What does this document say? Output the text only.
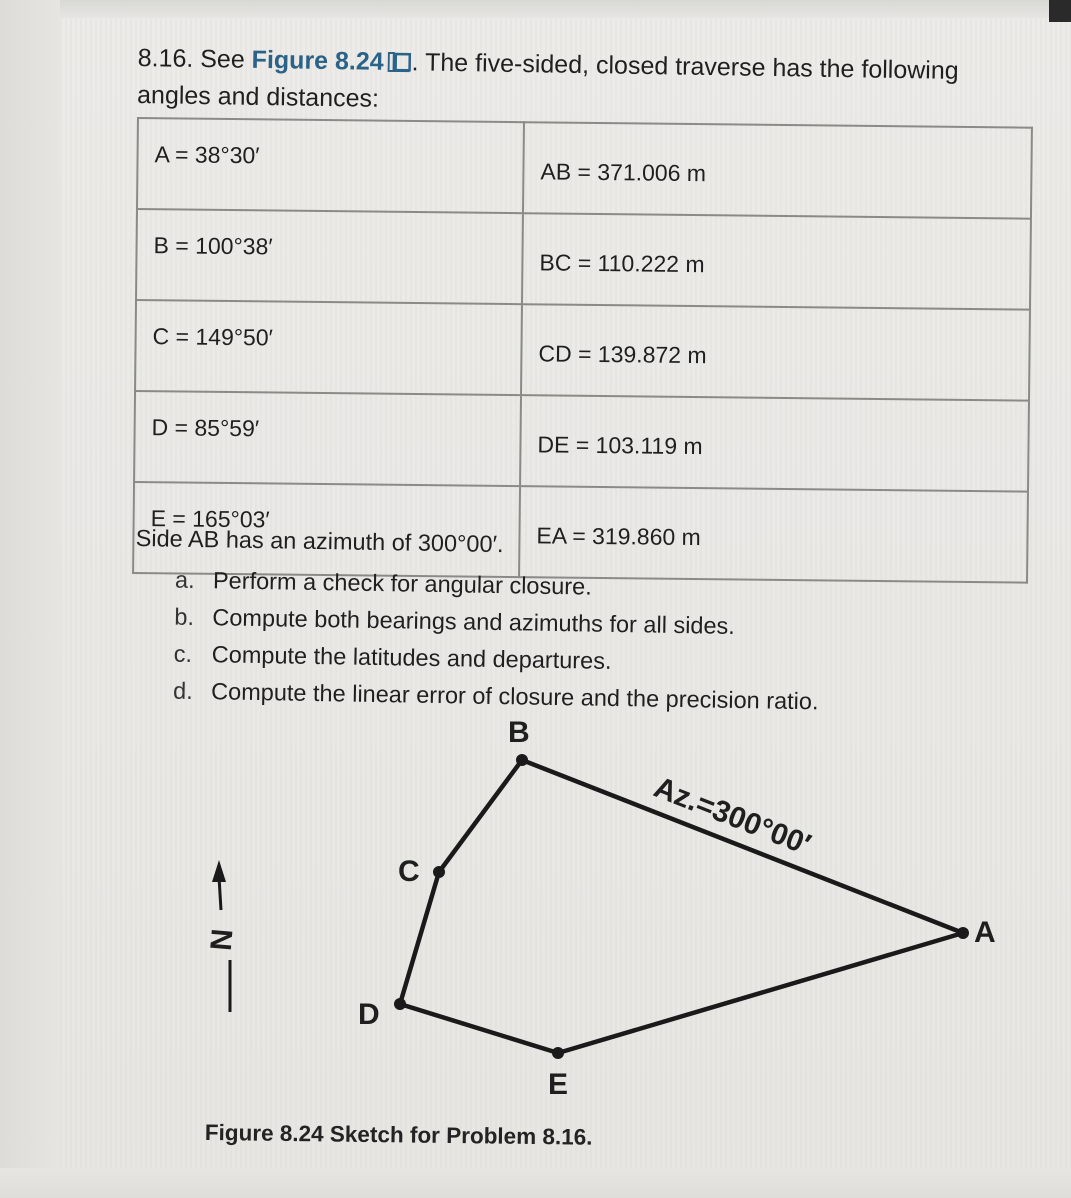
8.16. See Figure 8.24 . The five-sided, closed traverse has the following angles and distances:
A = 38°30′	AB = 371.006 m
B = 100°38′	BC = 110.222 m
C = 149°50′	CD = 139.872 m
D = 85°59′	DE = 103.119 m
E = 165°03′	EA = 319.860 m
Side AB has an azimuth of 300°00′.
a. Perform a check for angular closure.
b. Compute both bearings and azimuths for all sides.
c. Compute the latitudes and departures.
d. Compute the linear error of closure and the precision ratio.
A
B
C
D
E
Az.=300°00′
N
Figure 8.24 Sketch for Problem 8.16.
